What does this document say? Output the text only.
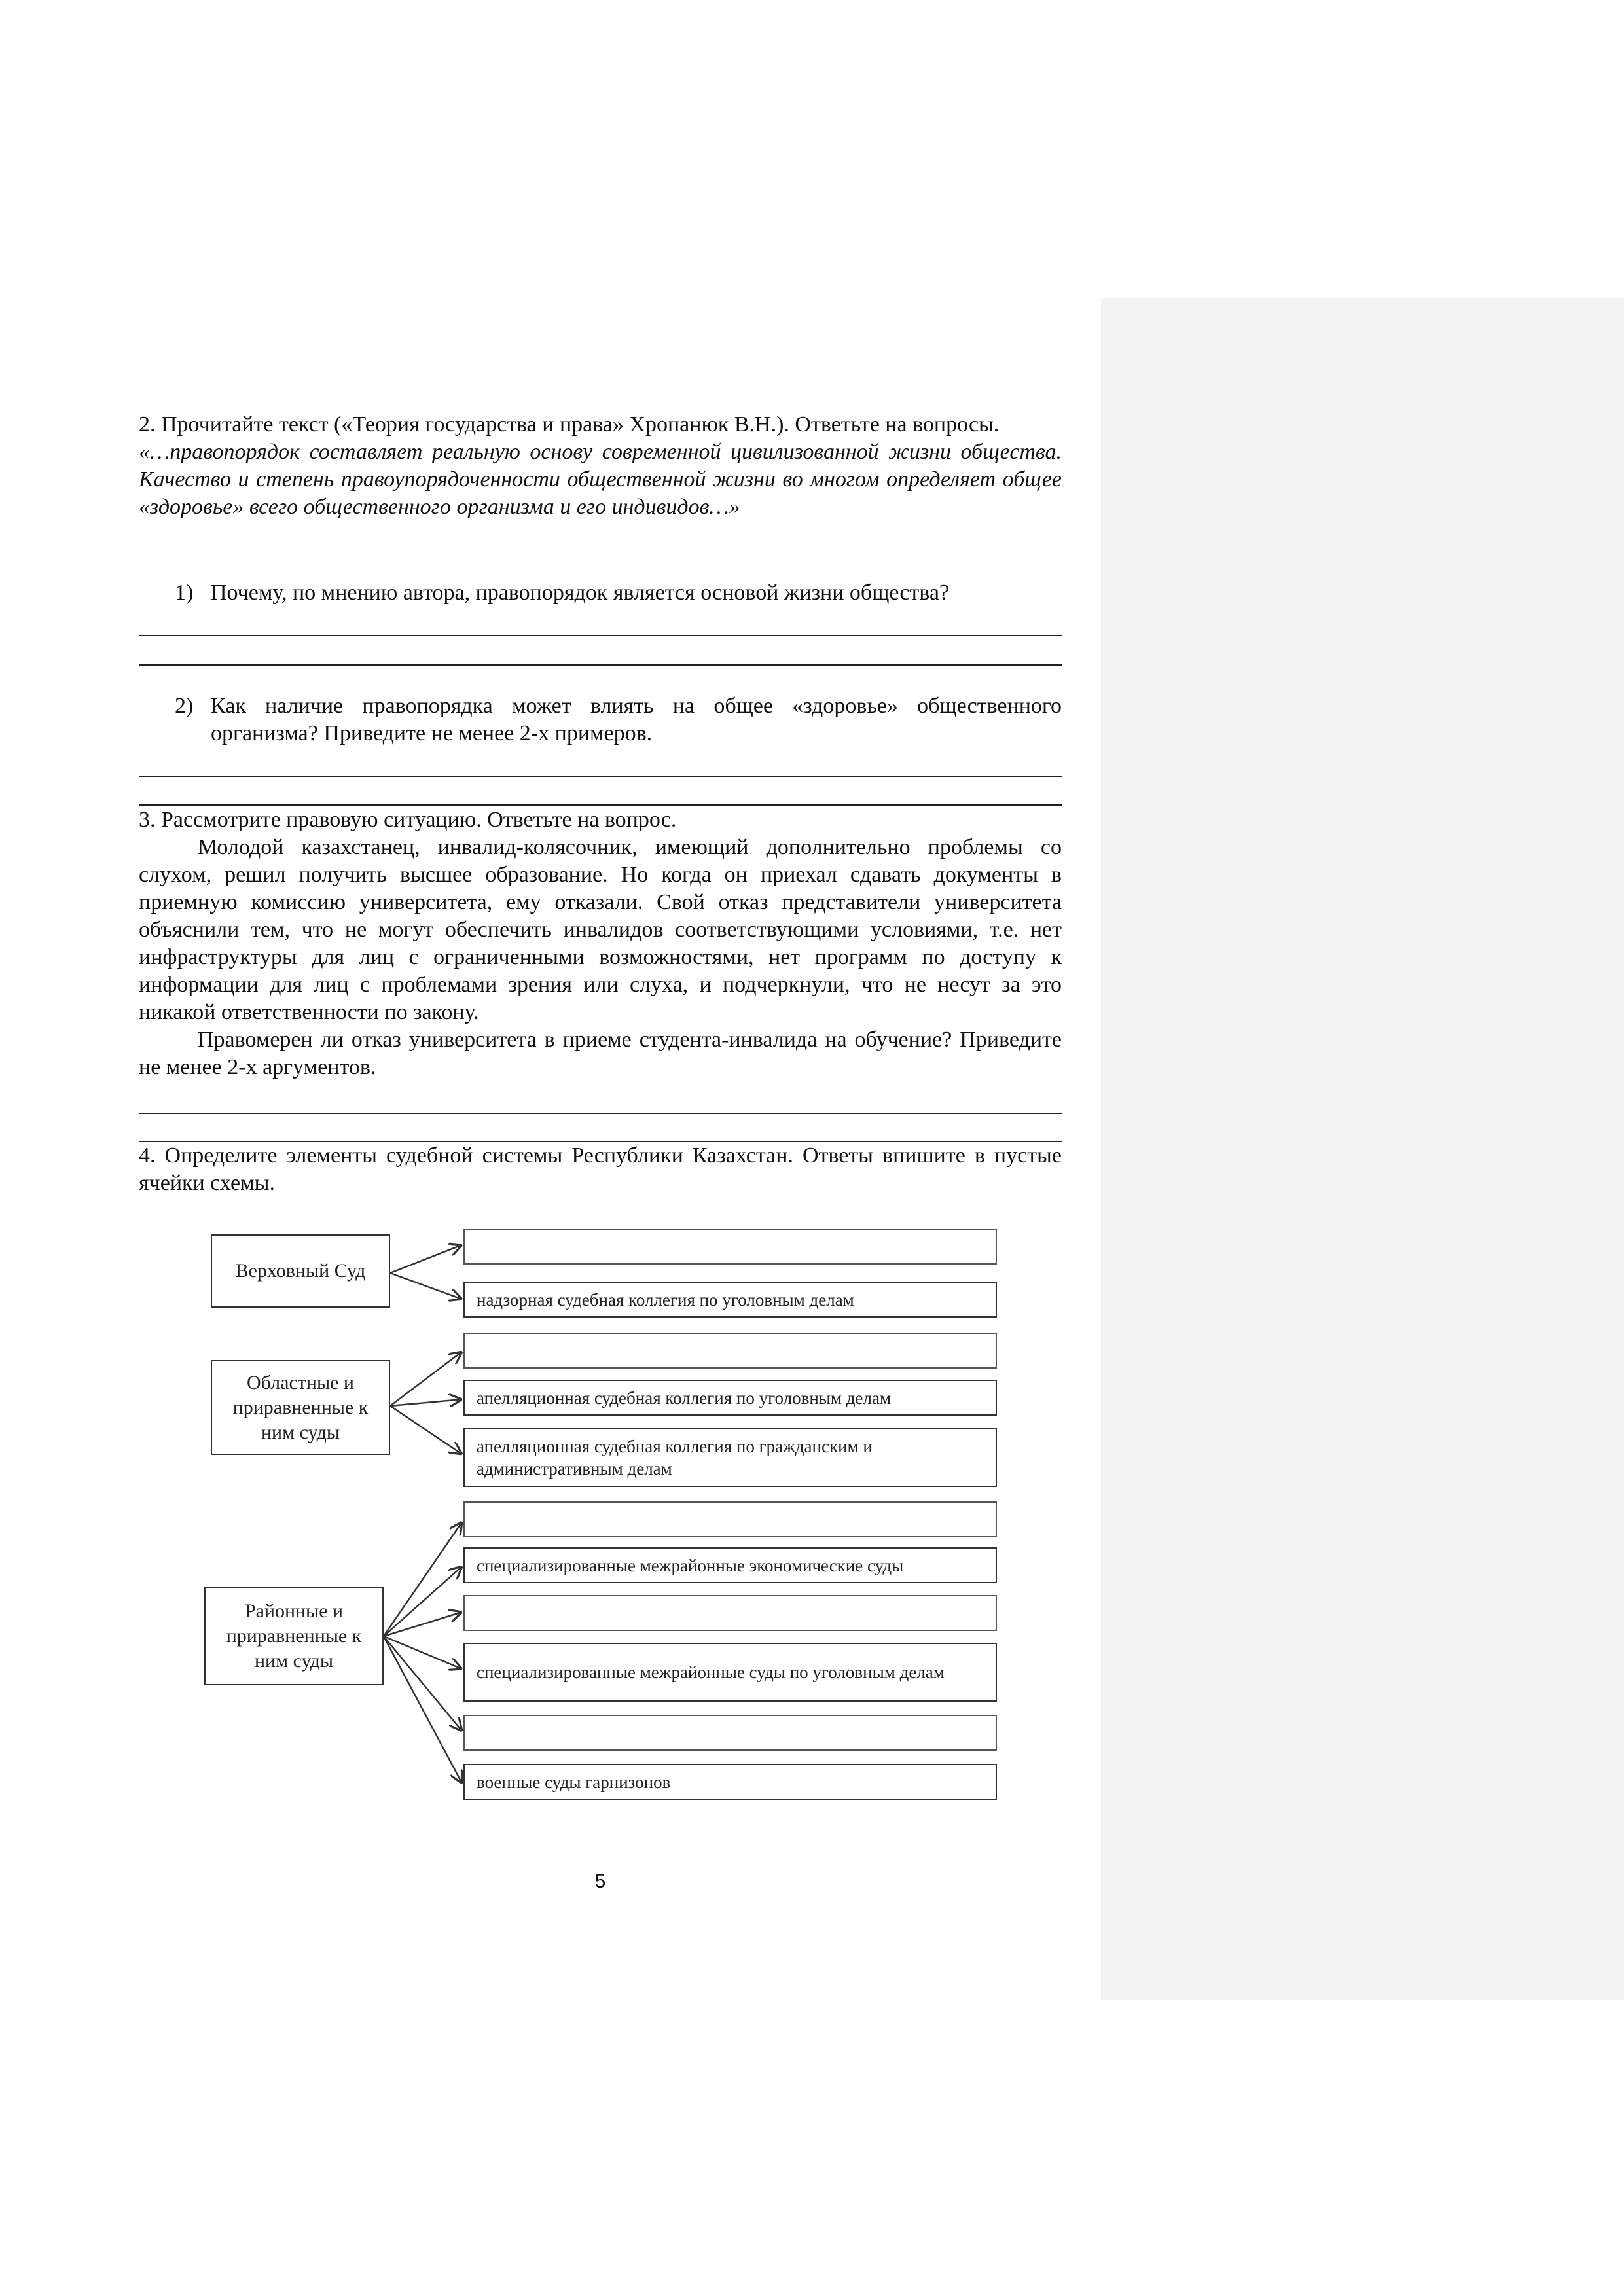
2. Прочитайте текст («Теория государства и права» Хропанюк В.Н.). Ответьте на вопросы.

«…правопорядок составляет реальную основу современной цивилизованной жизни общества. Качество и степень правоупорядоченности общественной жизни во многом определяет общее «здоровье» всего общественного организма и его индивидов…»

1) Почему, по мнению автора, правопорядок является основой жизни общества?
2) Как наличие правопорядка может влиять на общее «здоровье» общественного организма? Приведите не менее 2-х примеров.

3. Рассмотрите правовую ситуацию. Ответьте на вопрос.

Молодой казахстанец, инвалид-колясочник, имеющий дополнительно проблемы со слухом, решил получить высшее образование. Но когда он приехал сдавать документы в приемную комиссию университета, ему отказали. Свой отказ представители университета объяснили тем, что не могут обеспечить инвалидов соответствующими условиями, т.е. нет инфраструктуры для лиц с ограниченными возможностями, нет программ по доступу к информации для лиц с проблемами зрения или слуха, и подчеркнули, что не несут за это никакой ответственности по закону.

Правомерен ли отказ университета в приеме студента-инвалида на обучение? Приведите не менее 2-х аргументов.

4. Определите элементы судебной системы Республики Казахстан. Ответы впишите в пустые ячейки схемы.
Верховный Суд
Областные и приравненные к ним суды
Районные и приравненные к ним суды
надзорная судебная коллегия по уголовным делам
апелляционная судебная коллегия по уголовным делам
апелляционная судебная коллегия по гражданским и административным делам
специализированные межрайонные экономические суды
специализированные межрайонные суды по уголовным делам
военные суды гарнизонов
5
